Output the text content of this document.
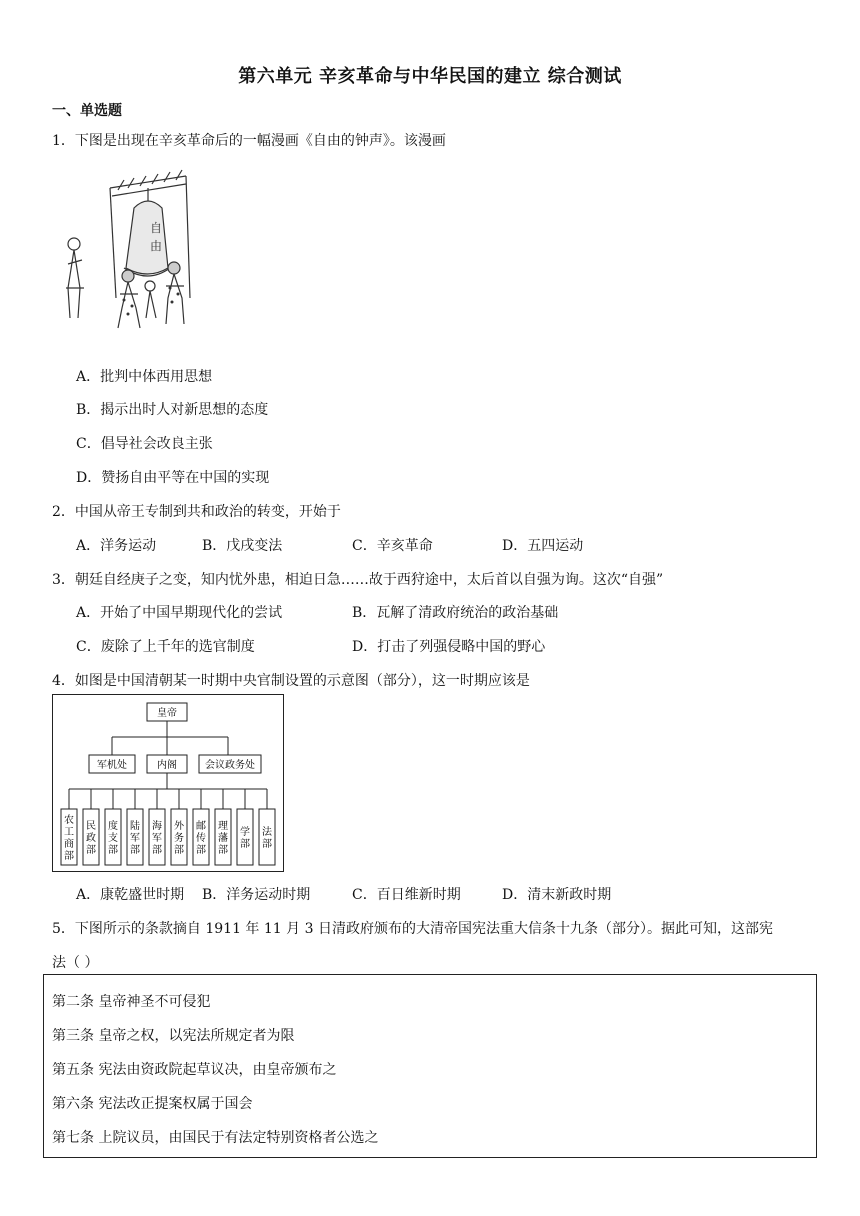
第六单元 辛亥革命与中华民国的建立 综合测试
一、单选题
1．下图是出现在辛亥革命后的一幅漫画《自由的钟声》。该漫画
自
由
A．批判中体西用思想
B．揭示出时人对新思想的态度
C．倡导社会改良主张
D．赞扬自由平等在中国的实现
2．中国从帝王专制到共和政治的转变，开始于
A．洋务运动	B．戊戌变法	C．辛亥革命	D．五四运动
3．朝廷自经庚子之变，知内忧外患，相迫日急……故于西狩途中，太后首以自强为询。这次“自强”
A．开始了中国早期现代化的尝试	B．瓦解了清政府统治的政治基础
C．废除了上千年的选官制度	D．打击了列强侵略中国的野心
4．如图是中国清朝某一时期中央官制设置的示意图（部分），这一时期应该是
皇帝
军机处	内阁	会议政务处
农工商部
民政部
度支部
陆军部
海军部
外务部
邮传部
理藩部
学部
法部
A．康乾盛世时期 B．洋务运动时期	C．百日维新时期	D．清末新政时期
5．下图所示的条款摘自 1911 年 11 月 3 日清政府颁布的大清帝国宪法重大信条十九条（部分）。据此可知，这部宪
法（ ）
第二条 皇帝神圣不可侵犯
第三条 皇帝之权，以宪法所规定者为限
第五条 宪法由资政院起草议决，由皇帝颁布之
第六条 宪法改正提案权属于国会
第七条 上院议员，由国民于有法定特别资格者公选之
